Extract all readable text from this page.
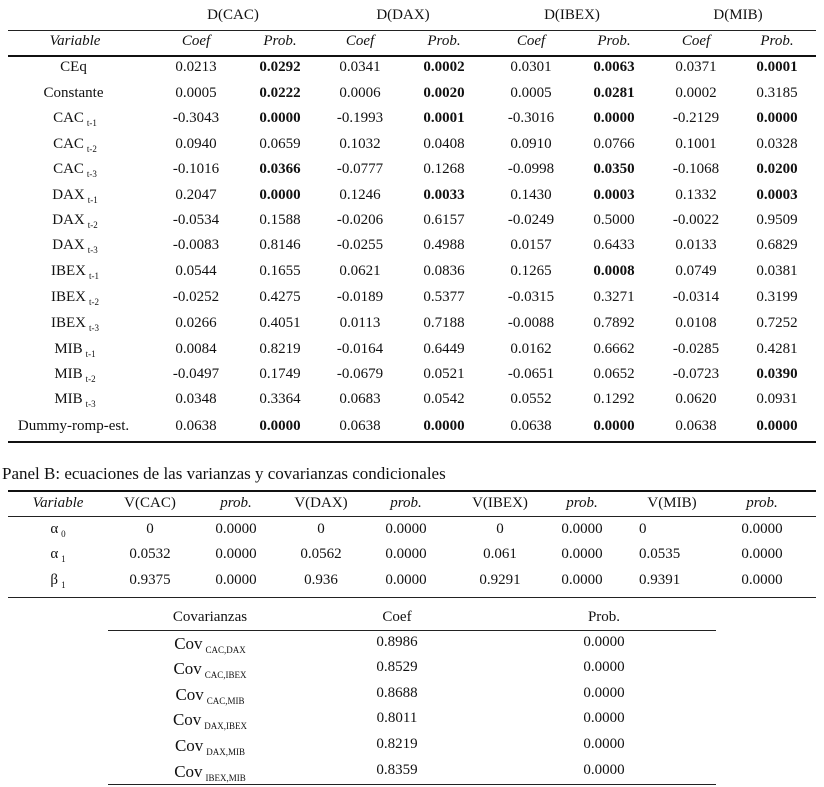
D(CAC)	D(DAX)	D(IBEX)	D(MIB)
Variable	Coef	Prob.	Coef	Prob.	Coef	Prob.	Coef	Prob.
CEq	0.0213	0.0292	0.0341	0.0002	0.0301	0.0063	0.0371	0.0001
Constante	0.0005	0.0222	0.0006	0.0020	0.0005	0.0281	0.0002	0.3185
CAC $_{t-1}$	-0.3043	0.0000	-0.1993	0.0001	-0.3016	0.0000	-0.2129	0.0000
CAC $_{t-2}$	0.0940	0.0659	0.1032	0.0408	0.0910	0.0766	0.1001	0.0328
CAC $_{t-3}$	-0.1016	0.0366	-0.0777	0.1268	-0.0998	0.0350	-0.1068	0.0200
DAX $_{t-1}$	0.2047	0.0000	0.1246	0.0033	0.1430	0.0003	0.1332	0.0003
DAX $_{t-2}$	-0.0534	0.1588	-0.0206	0.6157	-0.0249	0.5000	-0.0022	0.9509
DAX $_{t-3}$	-0.0083	0.8146	-0.0255	0.4988	0.0157	0.6433	0.0133	0.6829
IBEX $_{t-1}$	0.0544	0.1655	0.0621	0.0836	0.1265	0.0008	0.0749	0.0381
IBEX $_{t-2}$	-0.0252	0.4275	-0.0189	0.5377	-0.0315	0.3271	-0.0314	0.3199
IBEX $_{t-3}$	0.0266	0.4051	0.0113	0.7188	-0.0088	0.7892	0.0108	0.7252
MIB $_{t-1}$	0.0084	0.8219	-0.0164	0.6449	0.0162	0.6662	-0.0285	0.4281
MIB $_{t-2}$	-0.0497	0.1749	-0.0679	0.0521	-0.0651	0.0652	-0.0723	0.0390
MIB $_{t-3}$	0.0348	0.3364	0.0683	0.0542	0.0552	0.1292	0.0620	0.0931
Dummy-romp-est.	0.0638	0.0000	0.0638	0.0000	0.0638	0.0000	0.0638	0.0000
Panel B: ecuaciones de las varianzas y covarianzas condicionales
Variable	V(CAC)	prob.	V(DAX)	prob.	V(IBEX)	prob.	V(MIB)	prob.
α $_0$	0	0.0000	0	0.0000	0	0.0000	0	0.0000
α $_1$	0.0532	0.0000	0.0562	0.0000	0.061	0.0000	0.0535	0.0000
β $_1$	0.9375	0.0000	0.936	0.0000	0.9291	0.0000	0.9391	0.0000
Covarianzas	Coef	Prob.
Cov $_{CAC,DAX}$	0.8986	0.0000
Cov $_{CAC,IBEX}$	0.8529	0.0000
Cov $_{CAC,MIB}$	0.8688	0.0000
Cov $_{DAX,IBEX}$	0.8011	0.0000
Cov $_{DAX,MIB}$	0.8219	0.0000
Cov $_{IBEX,MIB}$	0.8359	0.0000
